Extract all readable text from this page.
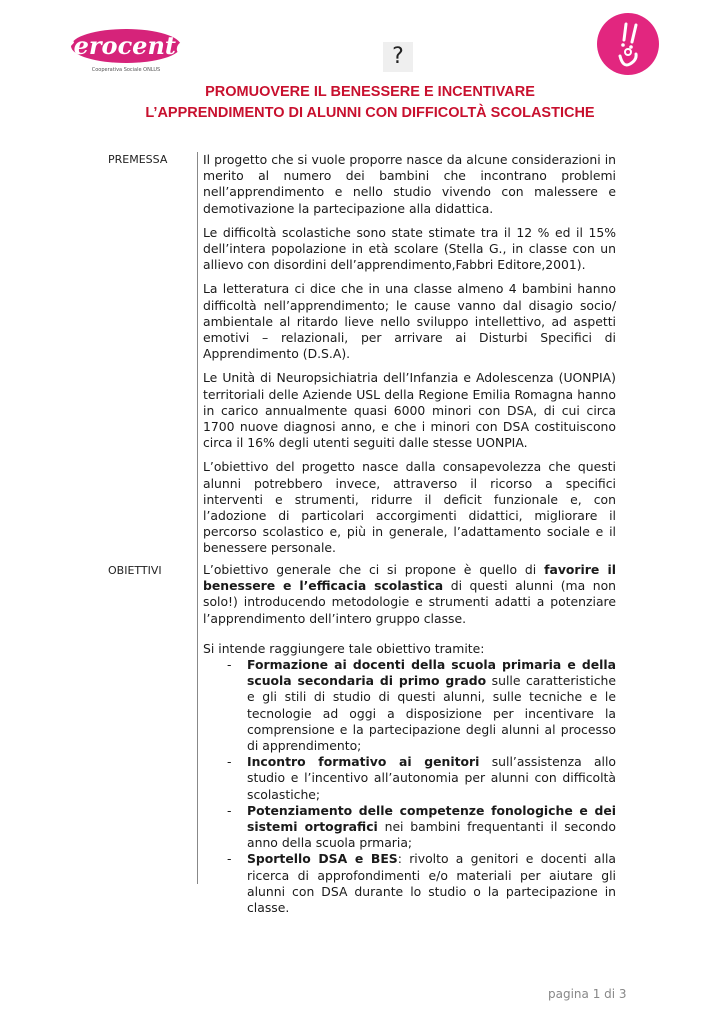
zerocento
Cooperativa Sociale ONLUS
?
PROMUOVERE IL BENESSERE E INCENTIVARE
L’APPRENDIMENTO DI ALUNNI CON DIFFICOLTÀ SCOLASTICHE
PREMESSA	Il progetto che si vuole proporre nasce da alcune considerazioni in merito al numero dei bambini che incontrano problemi nell’apprendimento e nello studio vivendo con malessere e demotivazione la partecipazione alla didattica.

Le difficoltà scolastiche sono state stimate tra il 12 % ed il 15% dell’intera popolazione in età scolare (Stella G., in classe con un allievo con disordini dell’apprendimento,Fabbri Editore,2001).

La letteratura ci dice che in una classe almeno 4 bambini hanno difficoltà nell’apprendimento; le cause vanno dal disagio socio/ ambientale al ritardo lieve nello sviluppo intellettivo, ad aspetti emotivi – relazionali, per arrivare ai Disturbi Specifici di Apprendimento (D.S.A).

Le Unità di Neuropsichiatria dell’Infanzia e Adolescenza (UONPIA) territoriali delle Aziende USL della Regione Emilia Romagna hanno in carico annualmente quasi 6000 minori con DSA, di cui circa 1700 nuove diagnosi anno, e che i minori con DSA costituiscono circa il 16% degli utenti seguiti dalle stesse UONPIA.

L’obiettivo del progetto nasce dalla consapevolezza che questi alunni potrebbero invece, attraverso il ricorso a specifici interventi e strumenti, ridurre il deficit funzionale e, con l’adozione di particolari accorgimenti didattici, migliorare il percorso scolastico e, più in generale, l’adattamento sociale e il benessere personale.

OBIETTIVI	L’obiettivo generale che ci si propone è quello di favorire il benessere e l’efficacia scolastica di questi alunni (ma non solo!) introducendo metodologie e strumenti adatti a potenziare l’apprendimento dell’intero gruppo classe.

Si intende raggiungere tale obiettivo tramite:

- Formazione ai docenti della scuola primaria e della scuola secondaria di primo grado sulle caratteristiche e gli stili di studio di questi alunni, sulle tecniche e le tecnologie ad oggi a disposizione per incentivare la comprensione e la partecipazione degli alunni al processo di apprendimento;
- Incontro formativo ai genitori sull’assistenza allo studio e l’incentivo all’autonomia per alunni con difficoltà scolastiche;
- Potenziamento delle competenze fonologiche e dei sistemi ortografici nei bambini frequentanti il secondo anno della scuola prmaria;
- Sportello DSA e BES: rivolto a genitori e docenti alla ricerca di approfondimenti e/o materiali per aiutare gli alunni con DSA durante lo studio o la partecipazione in classe.
pagina 1 di 3
